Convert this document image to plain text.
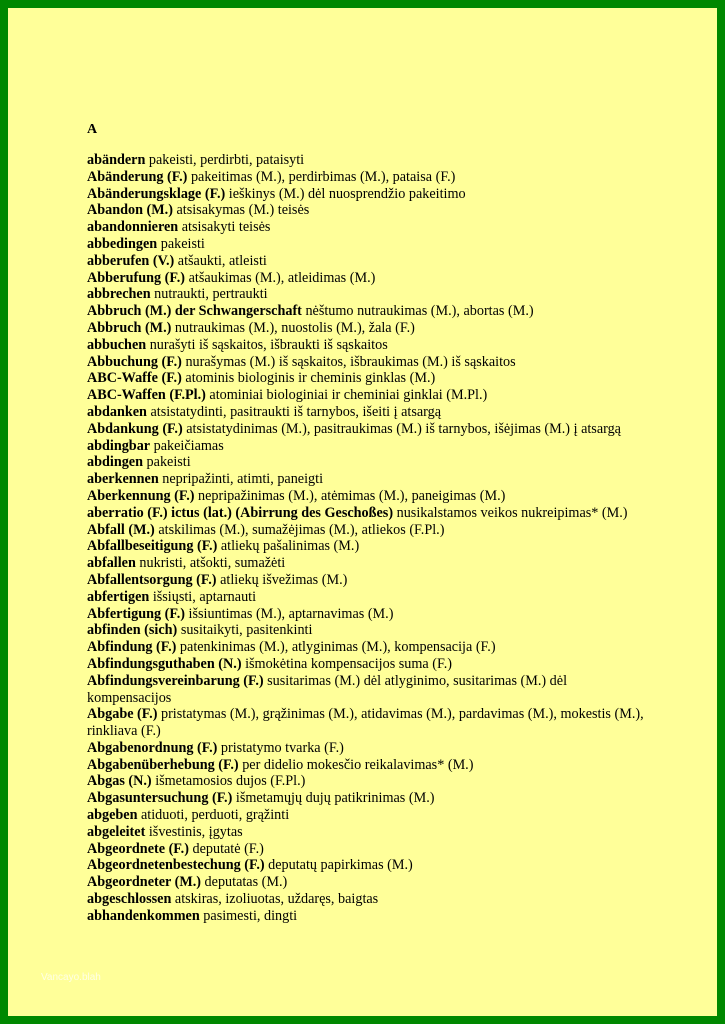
A
abändern pakeisti, perdirbti, pataisyti
Abänderung (F.) pakeitimas (M.), perdirbimas (M.), pataisa (F.)
Abänderungsklage (F.) ieškinys (M.) dėl nuosprendžio pakeitimo
Abandon (M.) atsisakymas (M.) teisės
abandonnieren atsisakyti teisės
abbedingen pakeisti
abberufen (V.) atšaukti, atleisti
Abberufung (F.) atšaukimas (M.), atleidimas (M.)
abbrechen nutraukti, pertraukti
Abbruch (M.) der Schwangerschaft nėštumo nutraukimas (M.), abortas (M.)
Abbruch (M.) nutraukimas (M.), nuostolis (M.), žala (F.)
abbuchen nurašyti iš sąskaitos, išbraukti iš sąskaitos
Abbuchung (F.) nurašymas (M.) iš sąskaitos, išbraukimas (M.) iš sąskaitos
ABC-Waffe (F.) atominis biologinis ir cheminis ginklas (M.)
ABC-Waffen (F.Pl.) atominiai biologiniai ir cheminiai ginklai (M.Pl.)
abdanken atsistatydinti, pasitraukti iš tarnybos, išeiti į atsargą
Abdankung (F.) atsistatydinimas (M.), pasitraukimas (M.) iš tarnybos, išėjimas (M.) į atsargą
abdingbar pakeičiamas
abdingen pakeisti
aberkennen nepripažinti, atimti, paneigti
Aberkennung (F.) nepripažinimas (M.), atėmimas (M.), paneigimas (M.)
aberratio (F.) ictus (lat.) (Abirrung des Geschoßes) nusikalstamos veikos nukreipimas* (M.)
Abfall (M.) atskilimas (M.), sumažėjimas (M.), atliekos (F.Pl.)
Abfallbeseitigung (F.) atliekų pašalinimas (M.)
abfallen nukristi, atšokti, sumažėti
Abfallentsorgung (F.) atliekų išvežimas (M.)
abfertigen išsiųsti, aptarnauti
Abfertigung (F.) išsiuntimas (M.), aptarnavimas (M.)
abfinden (sich) susitaikyti, pasitenkinti
Abfindung (F.) patenkinimas (M.), atlyginimas (M.), kompensacija (F.)
Abfindungsguthaben (N.) išmokėtina kompensacijos suma (F.)
Abfindungsvereinbarung (F.) susitarimas (M.) dėl atlyginimo, susitarimas (M.) dėl kompensacijos
Abgabe (F.) pristatymas (M.), grąžinimas (M.), atidavimas (M.), pardavimas (M.), mokestis (M.), rinkliava (F.)
Abgabenordnung (F.) pristatymo tvarka (F.)
Abgabenüberhebung (F.) per didelio mokesčio reikalavimas* (M.)
Abgas (N.) išmetamosios dujos (F.Pl.)
Abgasuntersuchung (F.) išmetamųjų dujų patikrinimas (M.)
abgeben atiduoti, perduoti, grąžinti
abgeleitet išvestinis, įgytas
Abgeordnete (F.) deputatė (F.)
Abgeordnetenbestechung (F.) deputatų papirkimas (M.)
Abgeordneter (M.) deputatas (M.)
abgeschlossen atskiras, izoliuotas, uždaręs, baigtas
abhandenkommen pasimesti, dingti
Vancayo.blah
